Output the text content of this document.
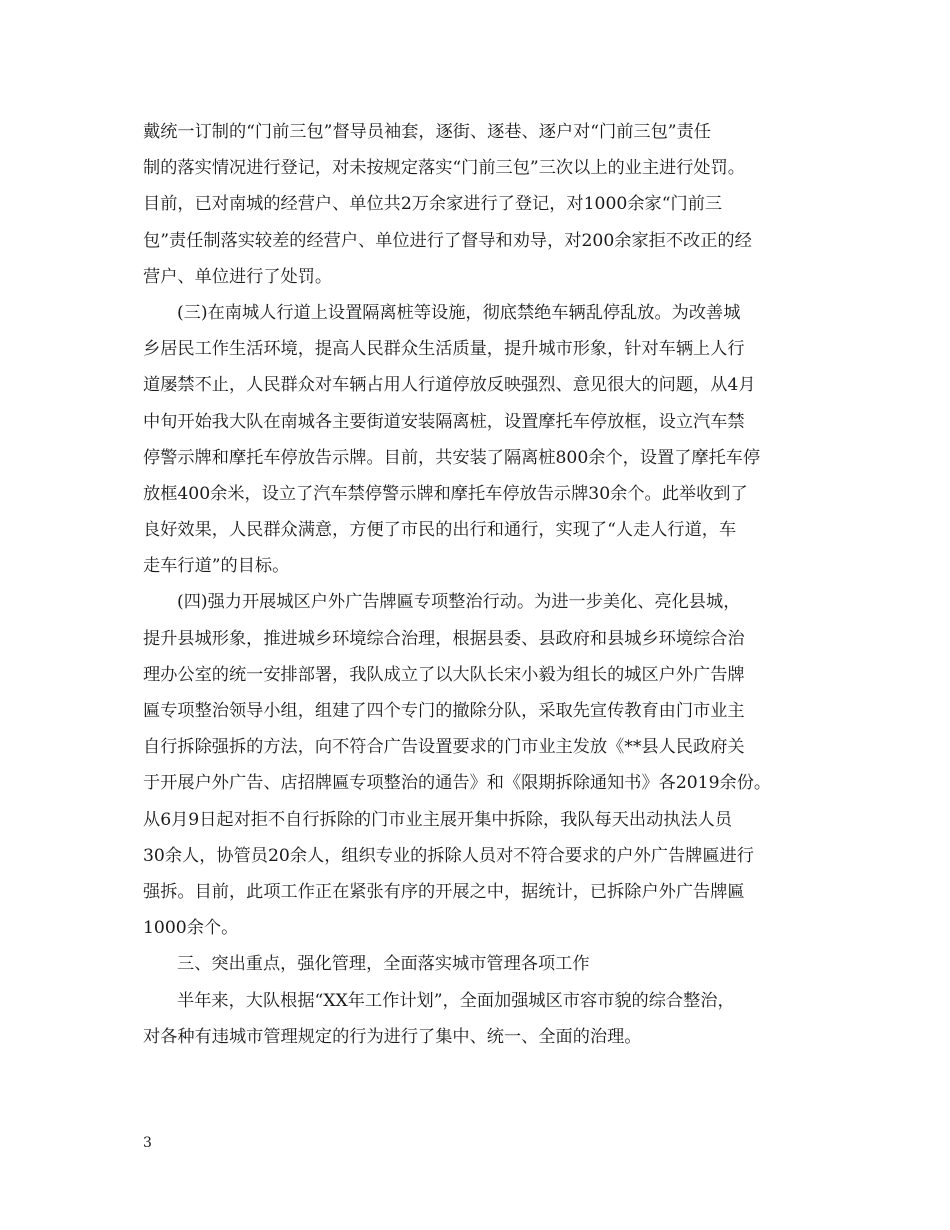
戴统一订制的“门前三包”督导员袖套，逐街、逐巷、逐户对“门前三包”责任
制的落实情况进行登记，对未按规定落实“门前三包”三次以上的业主进行处罚。
目前，已对南城的经营户、单位共2万余家进行了登记，对1000余家“门前三
包”责任制落实较差的经营户、单位进行了督导和劝导，对200余家拒不改正的经
营户、单位进行了处罚。
(三)在南城人行道上设置隔离桩等设施，彻底禁绝车辆乱停乱放。为改善城
乡居民工作生活环境，提高人民群众生活质量，提升城市形象，针对车辆上人行
道屡禁不止，人民群众对车辆占用人行道停放反映强烈、意见很大的问题，从4月
中旬开始我大队在南城各主要街道安装隔离桩，设置摩托车停放框，设立汽车禁
停警示牌和摩托车停放告示牌。目前，共安装了隔离桩800余个，设置了摩托车停
放框400余米，设立了汽车禁停警示牌和摩托车停放告示牌30余个。此举收到了
良好效果，人民群众满意，方便了市民的出行和通行，实现了“人走人行道，车
走车行道”的目标。
(四)强力开展城区户外广告牌匾专项整治行动。为进一步美化、亮化县城，
提升县城形象，推进城乡环境综合治理，根据县委、县政府和县城乡环境综合治
理办公室的统一安排部署，我队成立了以大队长宋小毅为组长的城区户外广告牌
匾专项整治领导小组，组建了四个专门的撤除分队，采取先宣传教育由门市业主
自行拆除强拆的方法，向不符合广告设置要求的门市业主发放《**县人民政府关
于开展户外广告、店招牌匾专项整治的通告》和《限期拆除通知书》各2019余份。
从6月9日起对拒不自行拆除的门市业主展开集中拆除，我队每天出动执法人员
30余人，协管员20余人，组织专业的拆除人员对不符合要求的户外广告牌匾进行
强拆。目前，此项工作正在紧张有序的开展之中，据统计，已拆除户外广告牌匾
1000余个。
三、突出重点，强化管理，全面落实城市管理各项工作
半年来，大队根据“XX年工作计划”，全面加强城区市容市貌的综合整治，
对各种有违城市管理规定的行为进行了集中、统一、全面的治理。
3
